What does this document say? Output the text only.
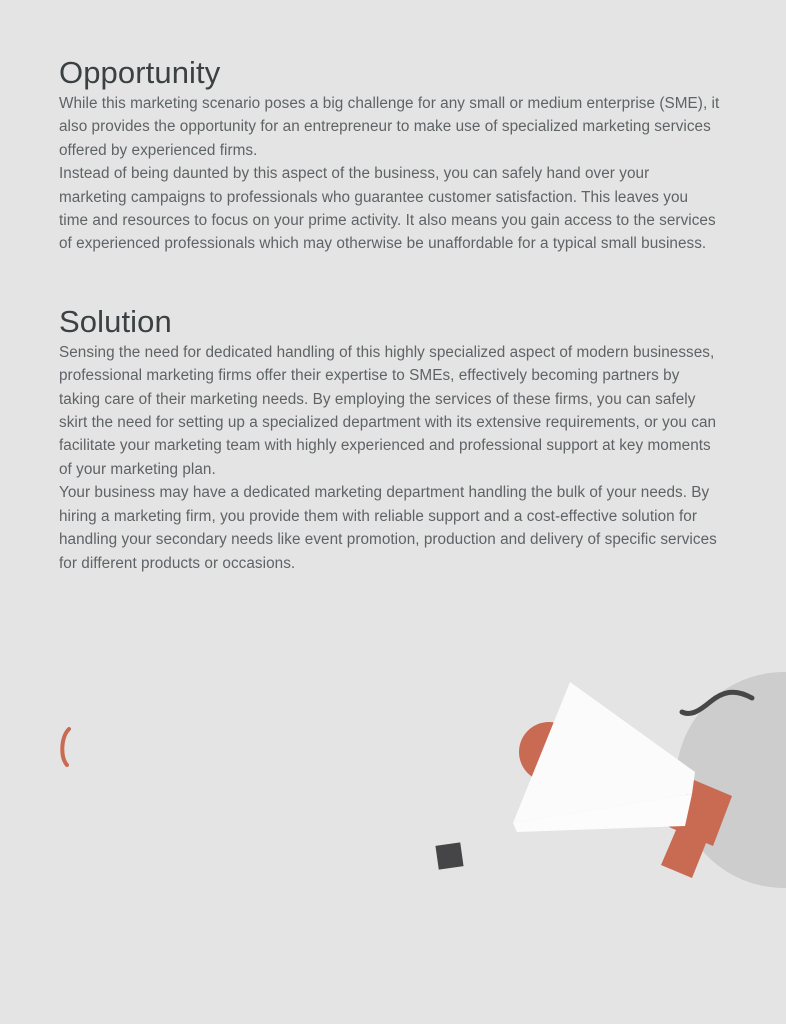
Opportunity

While this marketing scenario poses a big challenge for any small or medium enterprise (SME), it also provides the opportunity for an entrepreneur to make use of specialized marketing services offered by experienced firms.

Instead of being daunted by this aspect of the business, you can safely hand over your marketing campaigns to professionals who guarantee customer satisfaction. This leaves you time and resources to focus on your prime activity. It also means you gain access to the services of experienced professionals which may otherwise be unaffordable for a typical small business.

Solution

Sensing the need for dedicated handling of this highly specialized aspect of modern businesses, professional marketing firms offer their expertise to SMEs, effectively becoming partners by taking care of their marketing needs. By employing the services of these firms, you can safely skirt the need for setting up a specialized department with its extensive requirements, or you can facilitate your marketing team with highly experienced and professional support at key moments of your marketing plan.

Your business may have a dedicated marketing department handling the bulk of your needs. By hiring a marketing firm, you provide them with reliable support and a cost-effective solution for handling your secondary needs like event promotion, production and delivery of specific services for different products or occasions.
